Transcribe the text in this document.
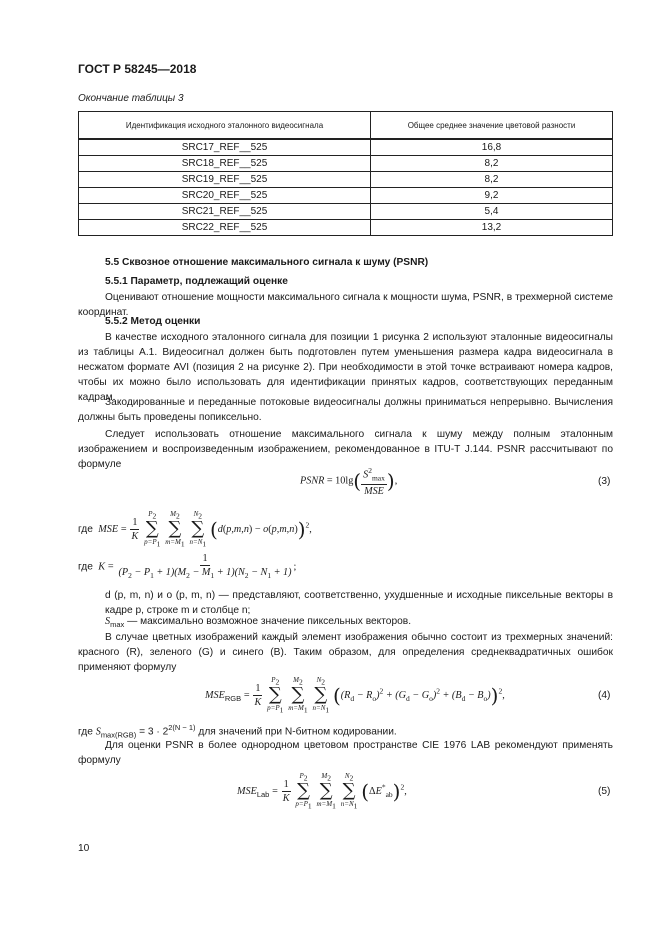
ГОСТ Р 58245—2018
Окончание таблицы 3
Идентификация исходного эталонного видеосигнала	Общее среднее значение цветовой разности
SRC17_REF__525	16,8
SRC18_REF__525	8,2
SRC19_REF__525	8,2
SRC20_REF__525	9,2
SRC21_REF__525	5,4
SRC22_REF__525	13,2
5.5 Сквозное отношение максимального сигнала к шуму (PSNR)
5.5.1 Параметр, подлежащий оценке
Оценивают отношение мощности максимального сигнала к мощности шума, PSNR, в трехмерной системе координат.
5.5.2 Метод оценки
В качестве исходного эталонного сигнала для позиции 1 рисунка 2 используют эталонные видеосигналы из таблицы А.1. Видеосигнал должен быть подготовлен путем уменьшения размера кадра видеосигнала в несжатом формате AVI (позиция 2 на рисунке 2). При необходимости в этой точке встраивают номера кадров, чтобы их можно было использовать для идентификации принятых кадров, соответствующих переданным кадрам.
Закодированные и переданные потоковые видеосигналы должны приниматься непрерывно. Вычисления должны быть проведены попиксельно.
Следует использовать отношение максимального сигнала к шуму между полным эталонным изображением и воспроизведенным изображением, рекомендованное в ITU-T J.144. PSNR рассчитывают по формуле
PSNR = $10\lg( \frac{S^2_{max}}{\text{MSE}}$ ),	(3)
где  MSE = $\frac{1}{K}$

P2
∑
p=P1

M2
∑
m=M1

N2
∑
n=N1
$(d(p,m,n) - o(p,m,n))^2$,
где  $K = \frac{1}{(P_2 - P_1 + 1)(M_2 - M_1 + 1)(N_2 - N_1 + 1)}$ ;
d (p, m, n) и o (p, m, n) — представляют, соответственно, ухудшенные и исходные пиксельные векторы в кадре p, строке m и столбце n;
$S_{max}$ — максимально возможное значение пиксельных векторов.
В случае цветных изображений каждый элемент изображения обычно состоит из трехмерных значений: красного (R), зеленого (G) и синего (B). Таким образом, для определения среднеквадратичных ошибок применяют формулу
$MSE_{RGB} = \frac{1}{K}$

P2
∑
p=P1

M2
∑
m=M1

N2
∑
n=N1
$((R_d - R_o)^2 + (G_d - G_o)^2 + (B_d - B_o))^2$,	(4)
где $S_{max(RGB)} = 3 \cdot 2^{2(N - 1)}$ для значений при N-битном кодировании.
Для оценки PSNR в более однородном цветовом пространстве CIE 1976 LAB рекомендуют применять формулу
$MSE_{Lab} = \frac{1}{K}$

P2
∑
p=P1

M2
∑
m=M1

N2
∑
n=N1
$(\Delta E^*_{ab})^2$,	(5)
10
